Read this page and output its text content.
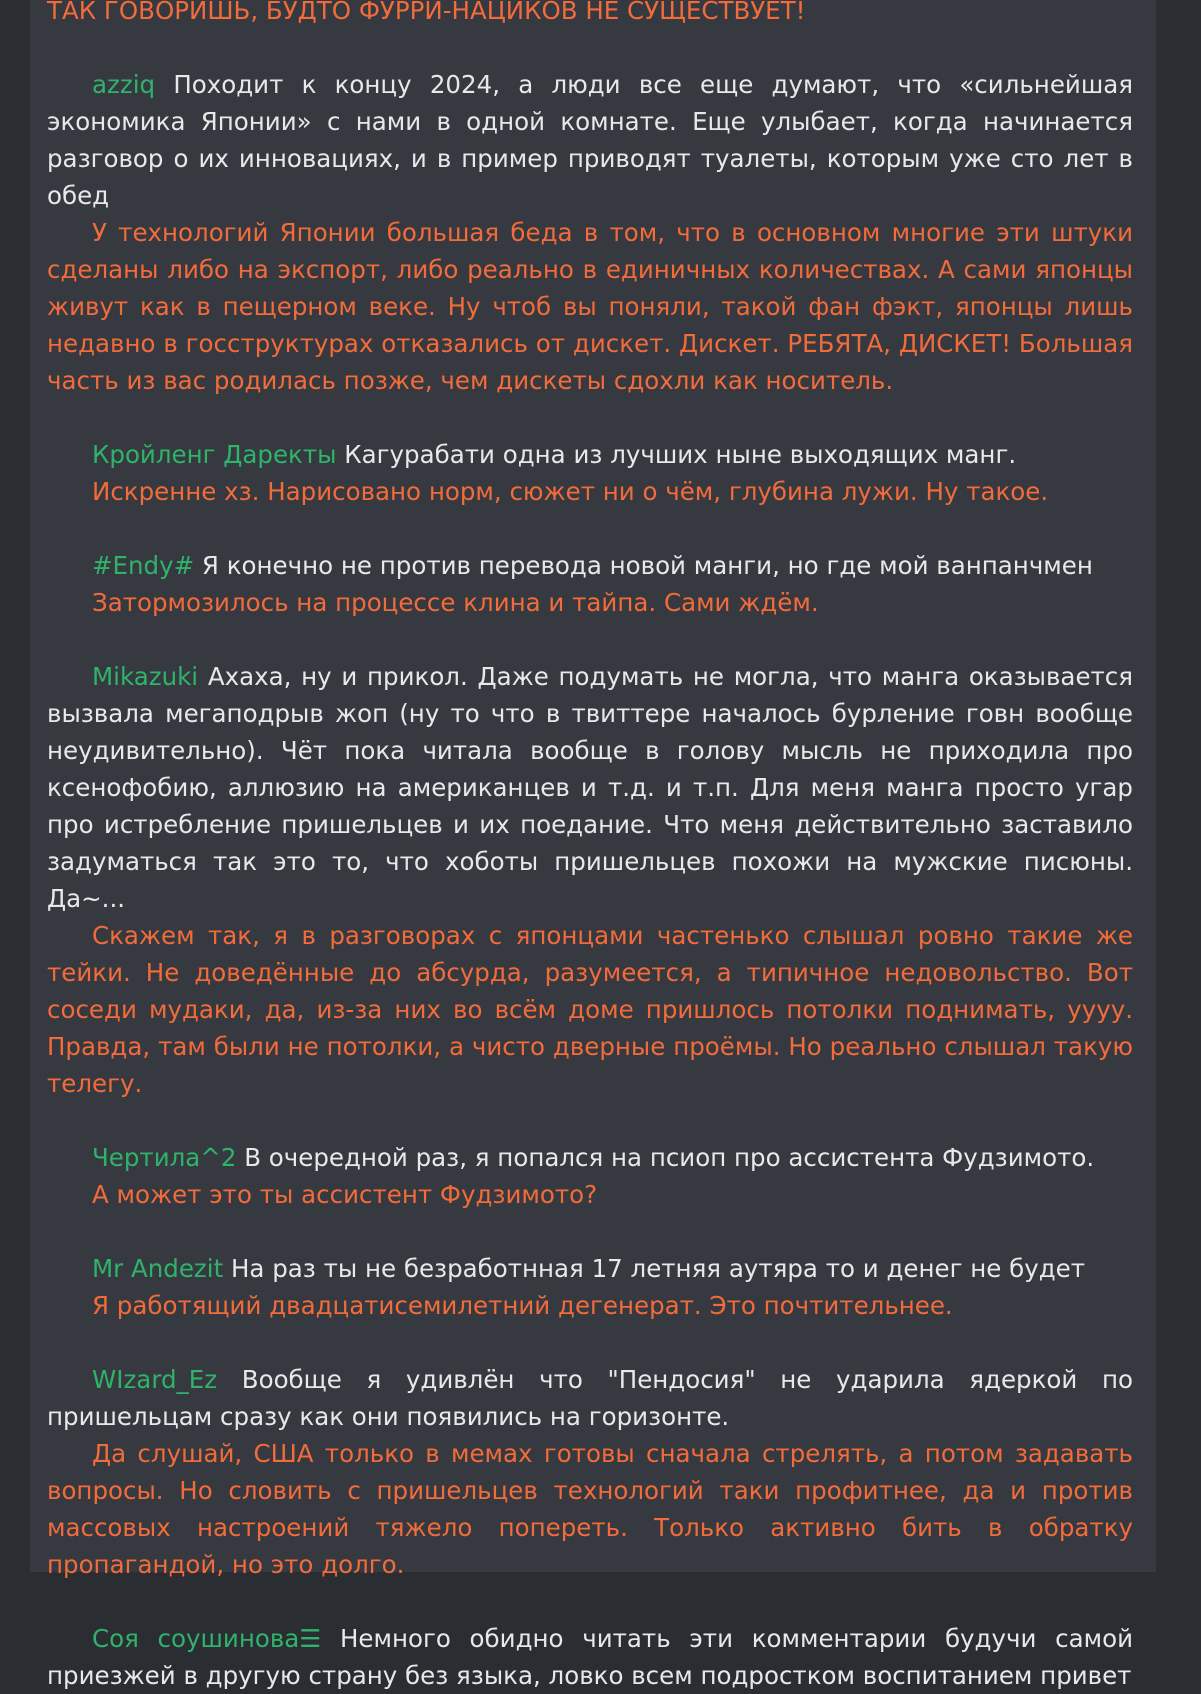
ТАК ГОВОРИШЬ, БУДТО ФУРРИ-НАЦИКОВ НЕ СУЩЕСТВУЕТ!

azziq Походит к концу 2024, а люди все еще думают, что «сильнейшая экономика Японии» с нами в одной комнате. Еще улыбает, когда начинается разговор о их инновациях, и в пример приводят туалеты, которым уже сто лет в обед

У технологий Японии большая беда в том, что в основном многие эти штуки сделаны либо на экспорт, либо реально в единичных количествах. А сами японцы живут как в пещерном веке. Ну чтоб вы поняли, такой фан фэкт, японцы лишь недавно в госструктурах отказались от дискет. Дискет. РЕБЯТА, ДИСКЕТ! Большая часть из вас родилась позже, чем дискеты сдохли как носитель.

Кройленг Даректы Кагурабати одна из лучших ныне выходящих манг.

Искренне хз. Нарисовано норм, сюжет ни о чём, глубина лужи. Ну такое.

#Endy# Я конечно не против перевода новой манги, но где мой ванпанчмен

Затормозилось на процессе клина и тайпа. Сами ждём.

Mikazuki Ахаха, ну и прикол. Даже подумать не могла, что манга оказывается вызвала мегаподрыв жоп (ну то что в твиттере началось бурление говн вообще неудивительно). Чёт пока читала вообще в голову мысль не приходила про ксенофобию, аллюзию на американцев и т.д. и т.п. Для меня манга просто угар про истребление пришельцев и их поедание. Что меня действительно заставило задуматься так это то, что хоботы пришельцев похожи на мужские писюны. Да~...

Скажем так, я в разговорах с японцами частенько слышал ровно такие же тейки. Не доведённые до абсурда, разумеется, а типичное недовольство. Вот соседи мудаки, да, из-за них во всём доме пришлось потолки поднимать, уууу. Правда, там были не потолки, а чисто дверные проёмы. Но реально слышал такую телегу.

Чертила^2 В очередной раз, я попался на псиоп про ассистента Фудзимото.

А может это ты ассистент Фудзимото?

Mr Andezit На раз ты не безработнная 17 летняя аутяра то и денег не будет

Я работящий двадцатисемилетний дегенерат. Это почтительнее.

WIzard_Ez Вообще я удивлён что "Пендосия" не ударила ядеркой по пришельцам сразу как они появились на горизонте.

Да слушай, США только в мемах готовы сначала стрелять, а потом задавать вопросы. Но словить с пришельцев технологий таки профитнее, да и против массовых настроений тяжело попереть. Только активно бить в обратку пропагандой, но это долго.

Соя соушинова☰ Немного обидно читать эти комментарии будучи самой приезжей в другую страну без языка, ловко всем подростком воспитанием привет
